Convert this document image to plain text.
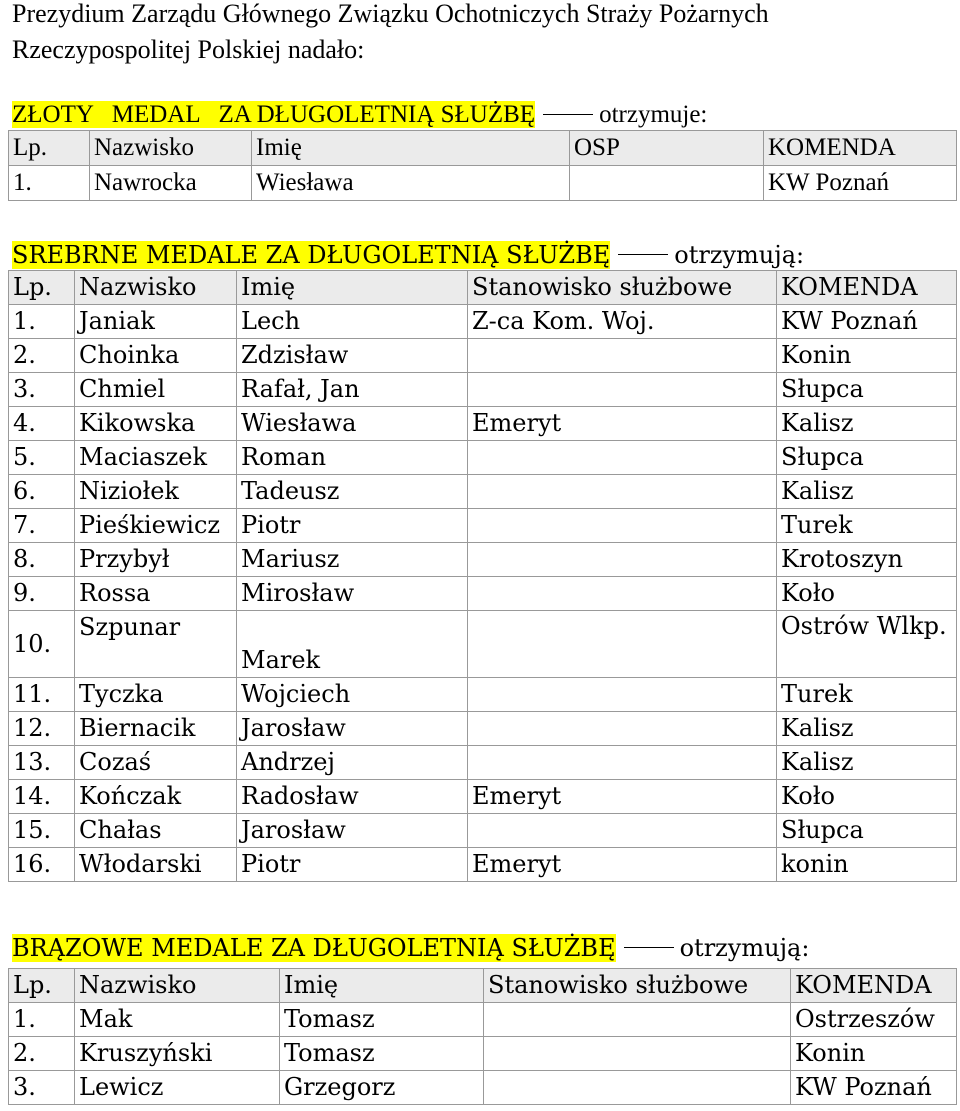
Prezydium Zarządu Głównego Związku Ochotniczych Straży Pożarnych Rzeczypospolitej Polskiej nadało:

ZŁOTY   MEDAL   ZA DŁUGOLETNIĄ SŁUŻBĘ	otrzymuje:
Lp.	Nazwisko	Imię	OSP	KOMENDA
1.	Nawrocka	Wiesława		KW Poznań
SREBRNE MEDALE ZA DŁUGOLETNIĄ SŁUŻBĘ	otrzymują:
Lp.	Nazwisko	Imię	Stanowisko służbowe	KOMENDA
1.	Janiak	Lech	Z-ca Kom. Woj.	KW Poznań
2.	Choinka	Zdzisław		Konin
3.	Chmiel	Rafał, Jan		Słupca
4.	Kikowska	Wiesława	Emeryt	Kalisz
5.	Maciaszek	Roman		Słupca
6.	Niziołek	Tadeusz		Kalisz
7.	Pieśkiewicz	Piotr		Turek
8.	Przybył	Mariusz		Krotoszyn
9.	Rossa	Mirosław		Koło
10.	Szpunar	Marek		Ostrów Wlkp.
11.	Tyczka	Wojciech		Turek
12.	Biernacik	Jarosław		Kalisz
13.	Cozaś	Andrzej		Kalisz
14.	Kończak	Radosław	Emeryt	Koło
15.	Chałas	Jarosław		Słupca
16.	Włodarski	Piotr	Emeryt	konin
BRĄZOWE MEDALE ZA DŁUGOLETNIĄ SŁUŻBĘ	otrzymują:
Lp.	Nazwisko	Imię	Stanowisko służbowe	KOMENDA
1.	Mak	Tomasz		Ostrzeszów
2.	Kruszyński	Tomasz		Konin
3.	Lewicz	Grzegorz		KW Poznań
